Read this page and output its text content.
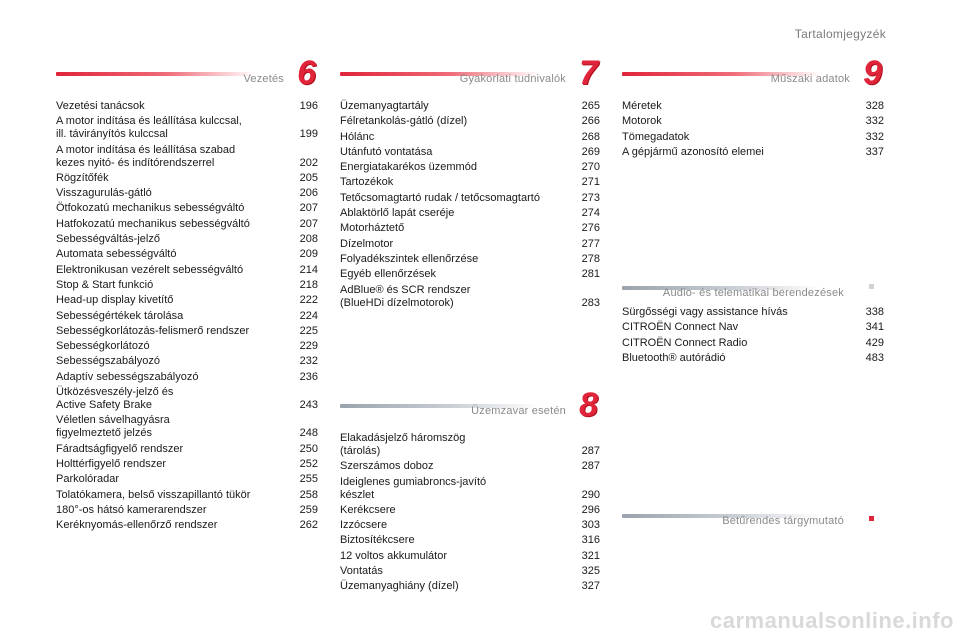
Tartalomjegyzék
Vezetés 6
Vezetési tanácsok	196
A motor indítása és leállítása kulccsal,
ill. távirányítós kulccsal	199
A motor indítása és leállítása szabad
kezes nyitó- és indítórendszerrel	202
Rögzítőfék	205
Visszagurulás-gátló	206
Ötfokozatú mechanikus sebességváltó	207
Hatfokozatú mechanikus sebességváltó	207
Sebességváltás-jelző	208
Automata sebességváltó	209
Elektronikusan vezérelt sebességváltó	214
Stop & Start funkció	218
Head-up display kivetítő	222
Sebességértékek tárolása	224
Sebességkorlátozás-felismerő rendszer	225
Sebességkorlátozó	229
Sebességszabályozó	232
Adaptív sebességszabályozó	236
Ütközésveszély-jelző és
Active Safety Brake	243
Véletlen sávelhagyásra
figyelmeztető jelzés	248
Fáradtságfigyelő rendszer	250
Holttérfigyelő rendszer	252
Parkolóradar	255
Tolatókamera, belső visszapillantó tükör	258
180°-os hátsó kamerarendszer	259
Keréknyomás-ellenőrző rendszer	262
Gyakorlati tudnivalók 7
Üzemanyagtartály	265
Félretankolás-gátló (dízel)	266
Hólánc	268
Utánfutó vontatása	269
Energiatakarékos üzemmód	270
Tartozékok	271
Tetőcsomagtartó rudak / tetőcsomagtartó	273
Ablaktörlő lapát cseréje	274
Motorháztető	276
Dízelmotor	277
Folyadékszintek ellenőrzése	278
Egyéb ellenőrzések	281
AdBlue® és SCR rendszer
(BlueHDi dízelmotorok)	283
Üzemzavar esetén 8
Elakadásjelző háromszög
(tárolás)	287
Szerszámos doboz	287
Ideiglenes gumiabroncs-javító
készlet	290
Kerékcsere	296
Izzócsere	303
Biztosítékcsere	316
12 voltos akkumulátor	321
Vontatás	325
Üzemanyaghiány (dízel)	327
Műszaki adatok 9
Méretek	328
Motorok	332
Tömegadatok	332
A gépjármű azonosító elemei	337
Audio- és telematikai berendezések
Sürgősségi vagy assistance hívás	338
CITROËN Connect Nav	341
CITROËN Connect Radio	429
Bluetooth® autórádió	483
Betűrendes tárgymutató
carmanualsonline.info
